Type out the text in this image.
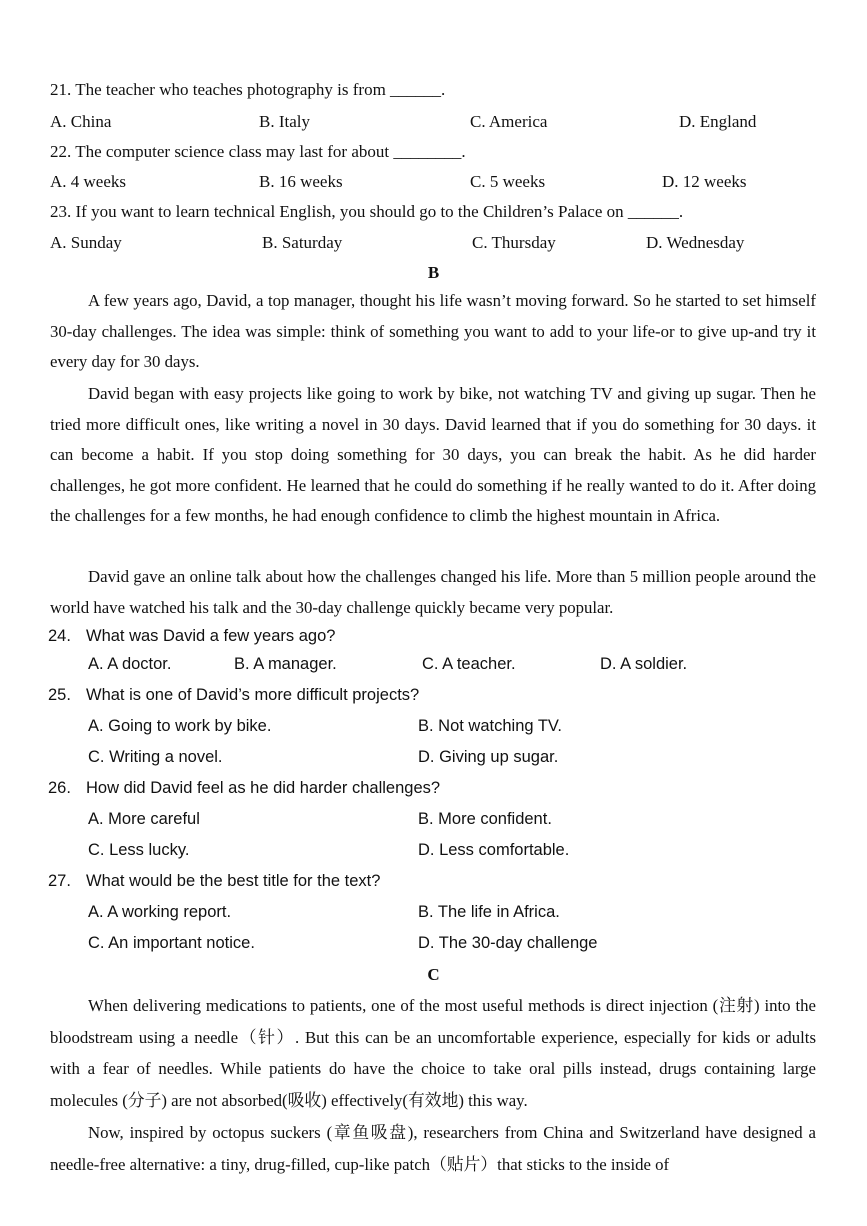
21. The teacher who teaches photography is from ______.
A. China	B. Italy	C. America	D. England
22. The computer science class may last for about ________.
A. 4 weeks	B. 16 weeks	C. 5 weeks	D. 12 weeks
23. If you want to learn technical English, you should go to the Children’s Palace on ______.
A. Sunday	B. Saturday	C. Thursday	D. Wednesday
B
A few years ago, David, a top manager, thought his life wasn’t moving forward. So he started to set himself 30-day challenges. The idea was simple: think of something you want to add to your life-or to give up-and try it every day for 30 days.
David began with easy projects like going to work by bike, not watching TV and giving up sugar. Then he tried more difficult ones, like writing a novel in 30 days. David learned that if you do something for 30 days. it can become a habit. If you stop doing something for 30 days, you can break the habit. As he did harder challenges, he got more confident. He learned that he could do something if he really wanted to do it. After doing the challenges for a few months, he had enough confidence to climb the highest mountain in Africa.
David gave an online talk about how the challenges changed his life. More than 5 million people around the world have watched his talk and the 30-day challenge quickly became very popular.
24. What was David a few years ago?
A. A doctor.	B. A manager.	C. A teacher.	D. A soldier.
25. What is one of David’s more difficult projects?
A. Going to work by bike.	B. Not watching TV.
C. Writing a novel.	D. Giving up sugar.
26. How did David feel as he did harder challenges?
A. More careful	B. More confident.
C. Less lucky.	D. Less comfortable.
27. What would be the best title for the text?
A. A working report.	B. The life in Africa.
C. An important notice.	D. The 30-day challenge
C
When delivering medications to patients, one of the most useful methods is direct injection (注射) into the bloodstream using a needle（针）. But this can be an uncomfortable experience, especially for kids or adults with a fear of needles. While patients do have the choice to take oral pills instead, drugs containing large molecules (分子) are not absorbed(吸收) effectively(有效地) this way.
Now, inspired by octopus suckers (章鱼吸盘), researchers from China and Switzerland have designed a needle-free alternative: a tiny, drug-filled, cup-like patch（贴片）that sticks to the inside of
